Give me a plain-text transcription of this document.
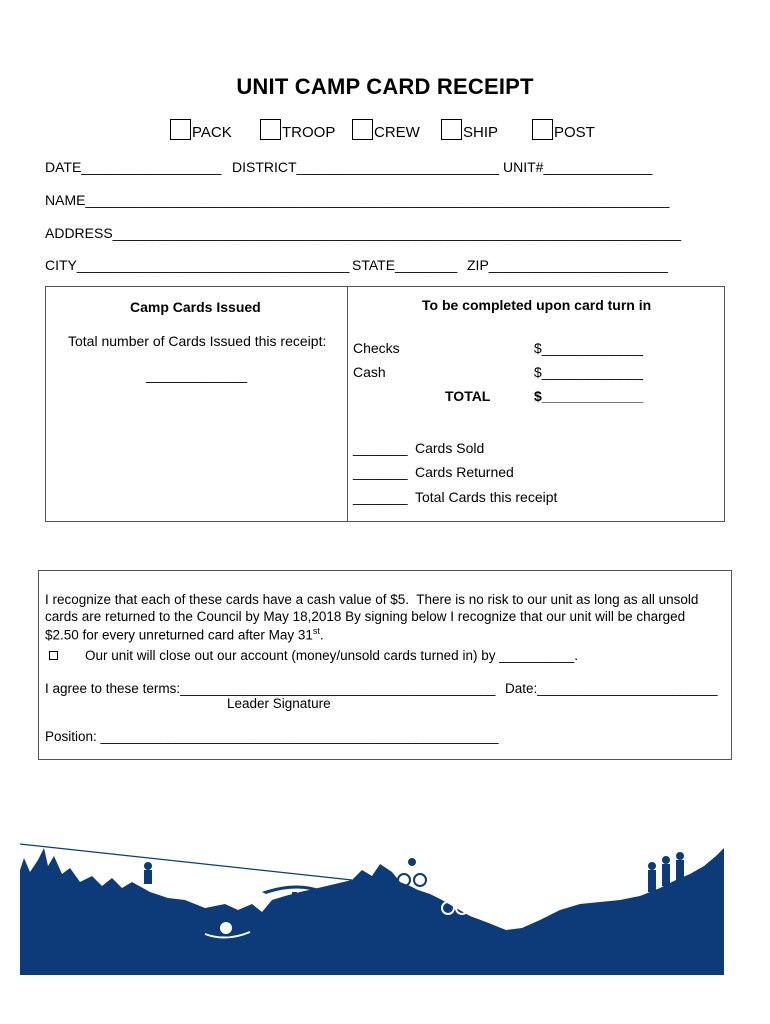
UNIT CAMP CARD RECEIPT
PACK	TROOP	CREW	SHIP	POST
DATE__________________ DISTRICT__________________________ UNIT#______________
NAME___________________________________________________________________________
ADDRESS_________________________________________________________________________
CITY___________________________________ STATE________ ZIP_______________________
Camp Cards Issued
Total number of Cards Issued this receipt:
_____________
To be completed upon card turn in
Checks	$_____________
Cash	$_____________
TOTAL	$_____________
_______ Cards Sold
_______ Cards Returned
_______ Total Cards this receipt
I recognize that each of these cards have a cash value of $5.  There is no risk to our unit as long as all unsold
cards are returned to the Council by May 18,2018 By signing below I recognize that our unit will be charged
$2.50 for every unreturned card after May 31st.
Our unit will close out our account (money/unsold cards turned in) by __________.
I agree to these terms:__________________________________________ Date:________________________
Leader Signature
Position: _____________________________________________________
